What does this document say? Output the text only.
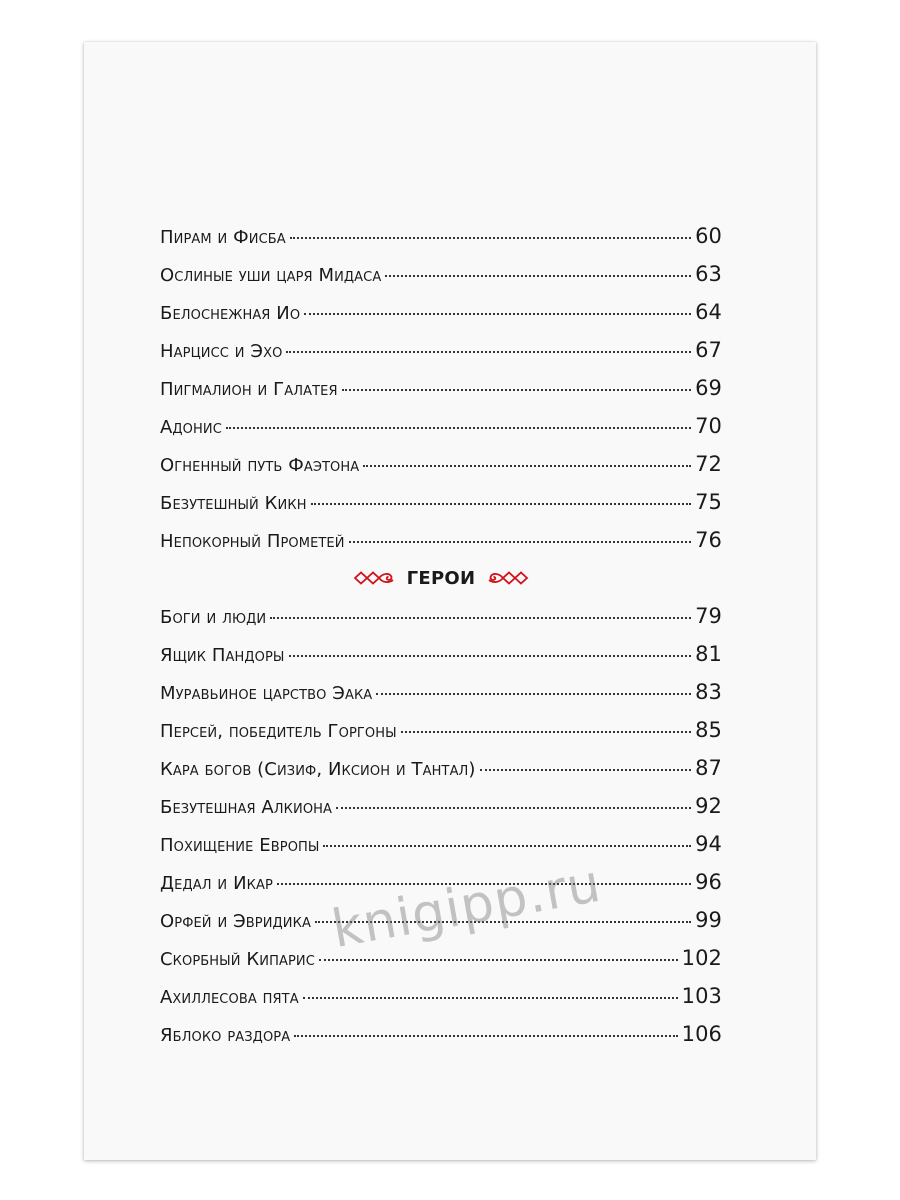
Пирам и Фисба	60
Ослиные уши царя Мидаса	63
Белоснежная Ио	64
Нарцисс и Эхо	67
Пигмалион и Галатея	69
Адонис	70
Огненный путь Фаэтона	72
Безутешный Кикн	75
Непокорный Прометей	76
ГЕРОИ
Боги и люди	79
Ящик Пандоры	81
Муравьиное царство Эака	83
Персей, победитель Горгоны	85
Кара богов (Сизиф, Иксион и Тантал)	87
Безутешная Алкиона	92
Похищение Европы	94
Дедал и Икар	96
Орфей и Эвридика	99
Скорбный Кипарис	102
Ахиллесова пята	103
Яблоко раздора	106
knigipp.ru
